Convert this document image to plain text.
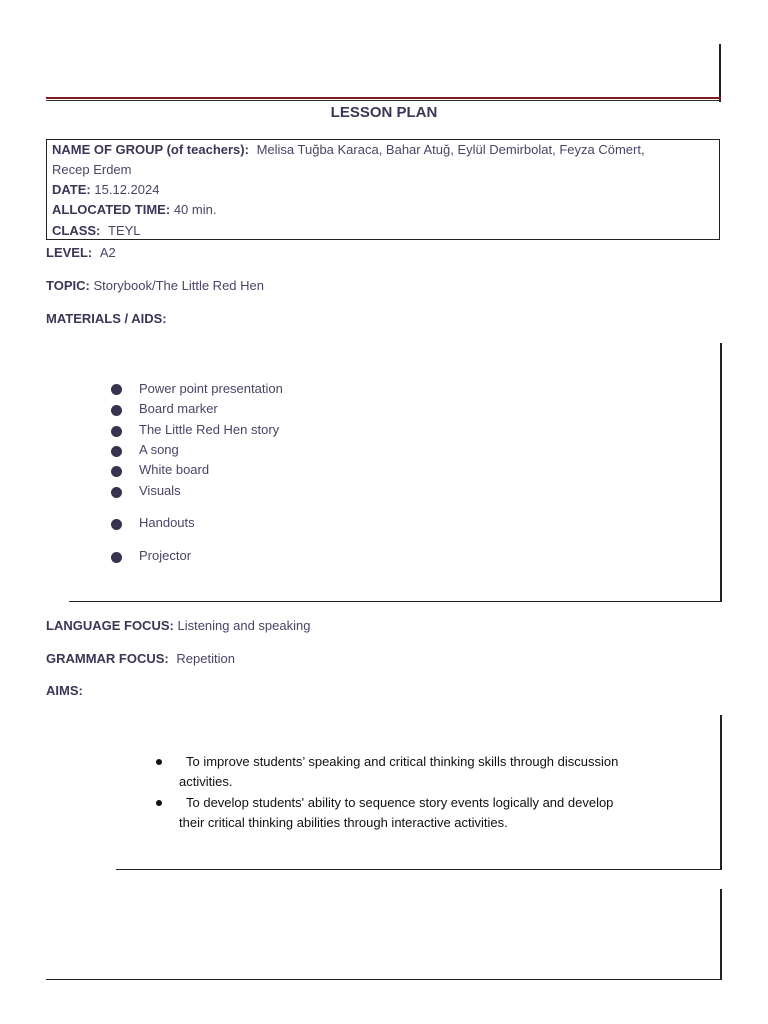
LESSON PLAN
NAME OF GROUP (of teachers): Melisa Tuğba Karaca, Bahar Atuğ, Eylül Demirbolat, Feyza Cömert,
Recep Erdem
DATE: 15.12.2024
ALLOCATED TIME: 40 min.
CLASS: TEYL
LEVEL: A2
TOPIC: Storybook/The Little Red Hen
MATERIALS / AIDS:
Power point presentation
Board marker
The Little Red Hen story
A song
White board
Visuals
Handouts
Projector
LANGUAGE FOCUS: Listening and speaking
GRAMMAR FOCUS: Repetition
AIMS:
To improve students’ speaking and critical thinking skills through discussion
activities.
To develop students' ability to sequence story events logically and develop
their critical thinking abilities through interactive activities.
